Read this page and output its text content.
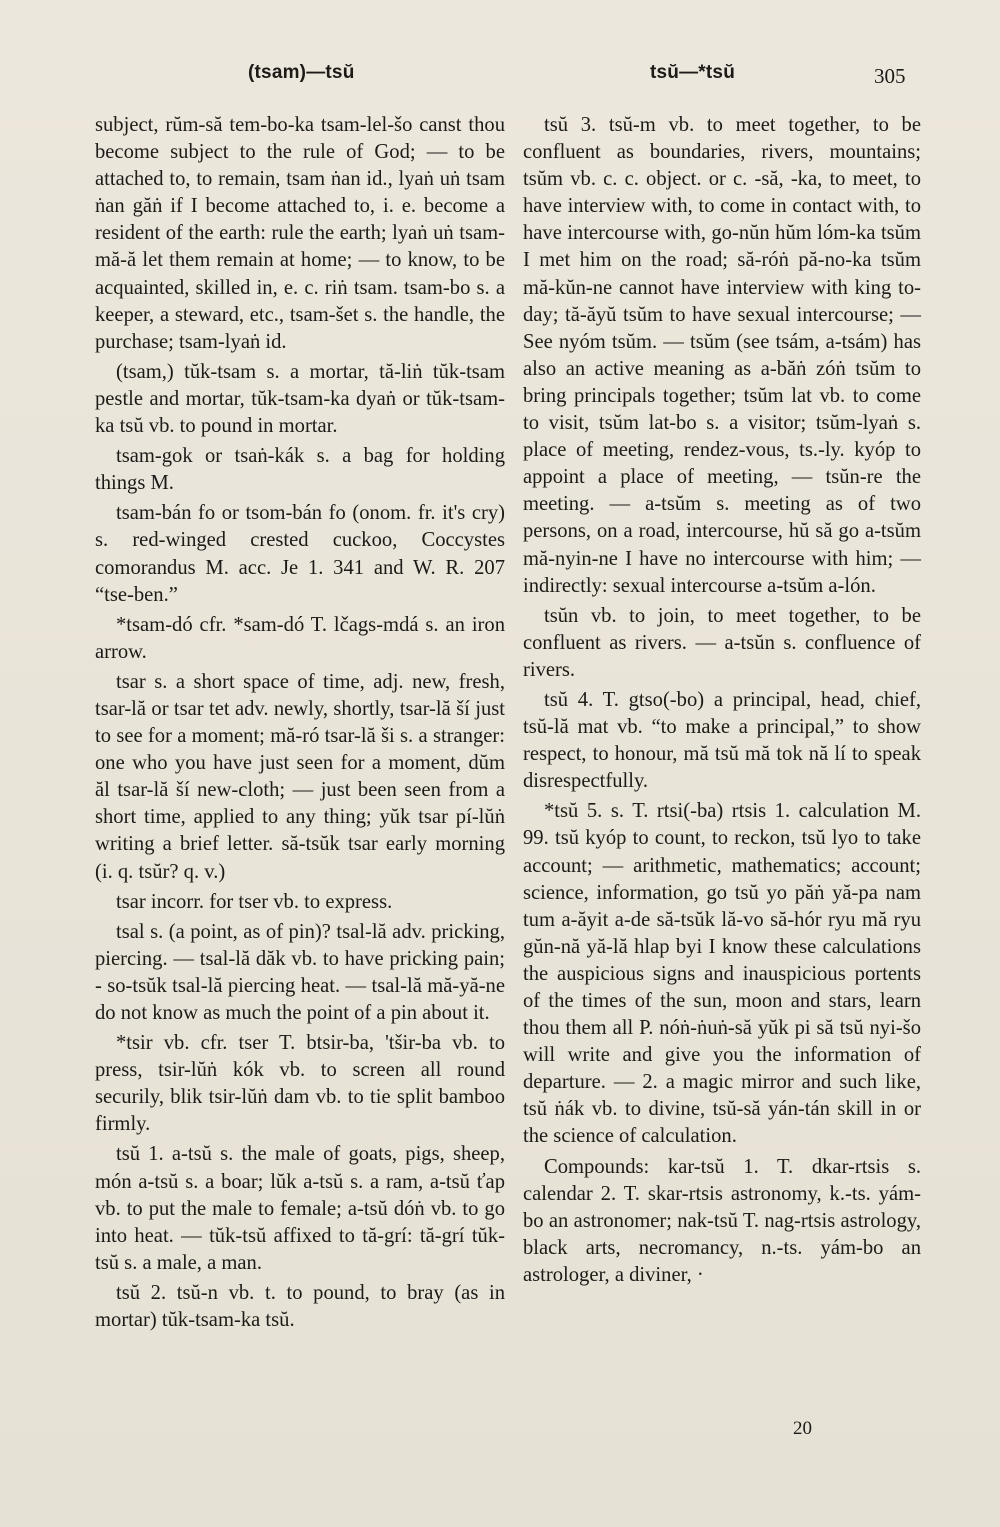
(tsam)—tsŭ	tsŭ—*tsŭ	305

subject, rŭm-să tem-bo-ka tsam-lel-šo canst thou become subject to the rule of God; — to be attached to, to remain, tsam ṅan id., lyaṅ uṅ tsam ṅan găṅ if I become attached to, i. e. become a resident of the earth: rule the earth; lyaṅ uṅ tsam-mă-ă let them remain at home; — to know, to be acquainted, skilled in, e. c. riṅ tsam. tsam-bo s. a keeper, a steward, etc., tsam-šet s. the handle, the purchase; tsam-lyaṅ id.

(tsam,) tŭk-tsam s. a mortar, tă-liṅ tŭk-tsam pestle and mortar, tŭk-tsam-ka dyaṅ or tŭk-tsam-ka tsŭ vb. to pound in mortar.

tsam-gok or tsaṅ-kák s. a bag for holding things M.

tsam-bán fo or tsom-bán fo (onom. fr. it's cry) s. red-winged crested cuckoo, Coccystes comorandus M. acc. Je 1. 341 and W. R. 207 “tse-ben.”

*tsam-dó cfr. *sam-dó T. lčags-mdá s. an iron arrow.

tsar s. a short space of time, adj. new, fresh, tsar-lă or tsar tet adv. newly, shortly, tsar-lă ší just to see for a moment; mă-ró tsar-lă ši s. a stranger: one who you have just seen for a moment, dŭm ăl tsar-lă ší new-cloth; — just been seen from a short time, applied to any thing; yŭk tsar pí-lŭṅ writing a brief letter. să-tsŭk tsar early morning (i. q. tsŭr? q. v.)

tsar incorr. for tser vb. to express.

tsal s. (a point, as of pin)? tsal-lă adv. pricking, piercing. — tsal-lă dăk vb. to have pricking pain; - so-tsŭk tsal-lă piercing heat. — tsal-lă mă-yă-ne do not know as much the point of a pin about it.

*tsir vb. cfr. tser T. btsir-ba, 'tšir-ba vb. to press, tsir-lŭṅ kók vb. to screen all round securily, blik tsir-lŭṅ dam vb. to tie split bamboo firmly.

tsŭ 1. a-tsŭ s. the male of goats, pigs, sheep, món a-tsŭ s. a boar; lŭk a-tsŭ s. a ram, a-tsŭ ťap vb. to put the male to female; a-tsŭ dóṅ vb. to go into heat. — tŭk-tsŭ affixed to tă-grí: tă-grí tŭk-tsŭ s. a male, a man.

tsŭ 2. tsŭ-n vb. t. to pound, to bray (as in mortar) tŭk-tsam-ka tsŭ.

tsŭ 3. tsŭ-m vb. to meet together, to be confluent as boundaries, rivers, mountains; tsŭm vb. c. c. object. or c. -să, -ka, to meet, to have interview with, to come in contact with, to have intercourse with, go-nŭn hŭm lóm-ka tsŭm I met him on the road; să-róṅ pă-no-ka tsŭm mă-kŭn-ne cannot have interview with king to-day; tă-ăyŭ tsŭm to have sexual intercourse; — See nyóm tsŭm. — tsŭm (see tsám, a-tsám) has also an active meaning as a-băṅ zóṅ tsŭm to bring principals together; tsŭm lat vb. to come to visit, tsŭm lat-bo s. a visitor; tsŭm-lyaṅ s. place of meeting, rendez-vous, ts.-ly. kyóp to appoint a place of meeting, — tsŭn-re the meeting. — a-tsŭm s. meeting as of two persons, on a road, intercourse, hŭ să go a-tsŭm mă-nyin-ne I have no intercourse with him; — indirectly: sexual intercourse a-tsŭm a-lón.

tsŭn vb. to join, to meet together, to be confluent as rivers. — a-tsŭn s. confluence of rivers.

tsŭ 4. T. gtso(-bo) a principal, head, chief, tsŭ-lă mat vb. “to make a principal,” to show respect, to honour, mă tsŭ mă tok nă lí to speak disrespectfully.

*tsŭ 5. s. T. rtsi(-ba) rtsis 1. calculation M. 99. tsŭ kyóp to count, to reckon, tsŭ lyo to take account; — arithmetic, mathematics; account; science, information, go tsŭ yo păṅ yă-pa nam tum a-ăyit a-de să-tsŭk lă-vo să-hór ryu mă ryu gŭn-nă yă-lă hlap byi I know these calculations the auspicious signs and inauspicious portents of the times of the sun, moon and stars, learn thou them all P. nóṅ-ṅuṅ-să yŭk pi să tsŭ nyi-šo will write and give you the information of departure. — 2. a magic mirror and such like, tsŭ ṅák vb. to divine, tsŭ-să yán-tán skill in or the science of calculation.

Compounds: kar-tsŭ 1. T. dkar-rtsis s. calendar 2. T. skar-rtsis astronomy, k.-ts. yám-bo an astronomer; nak-tsŭ T. nag-rtsis astrology, black arts, necromancy, n.-ts. yám-bo an astrologer, a diviner, ·

20
